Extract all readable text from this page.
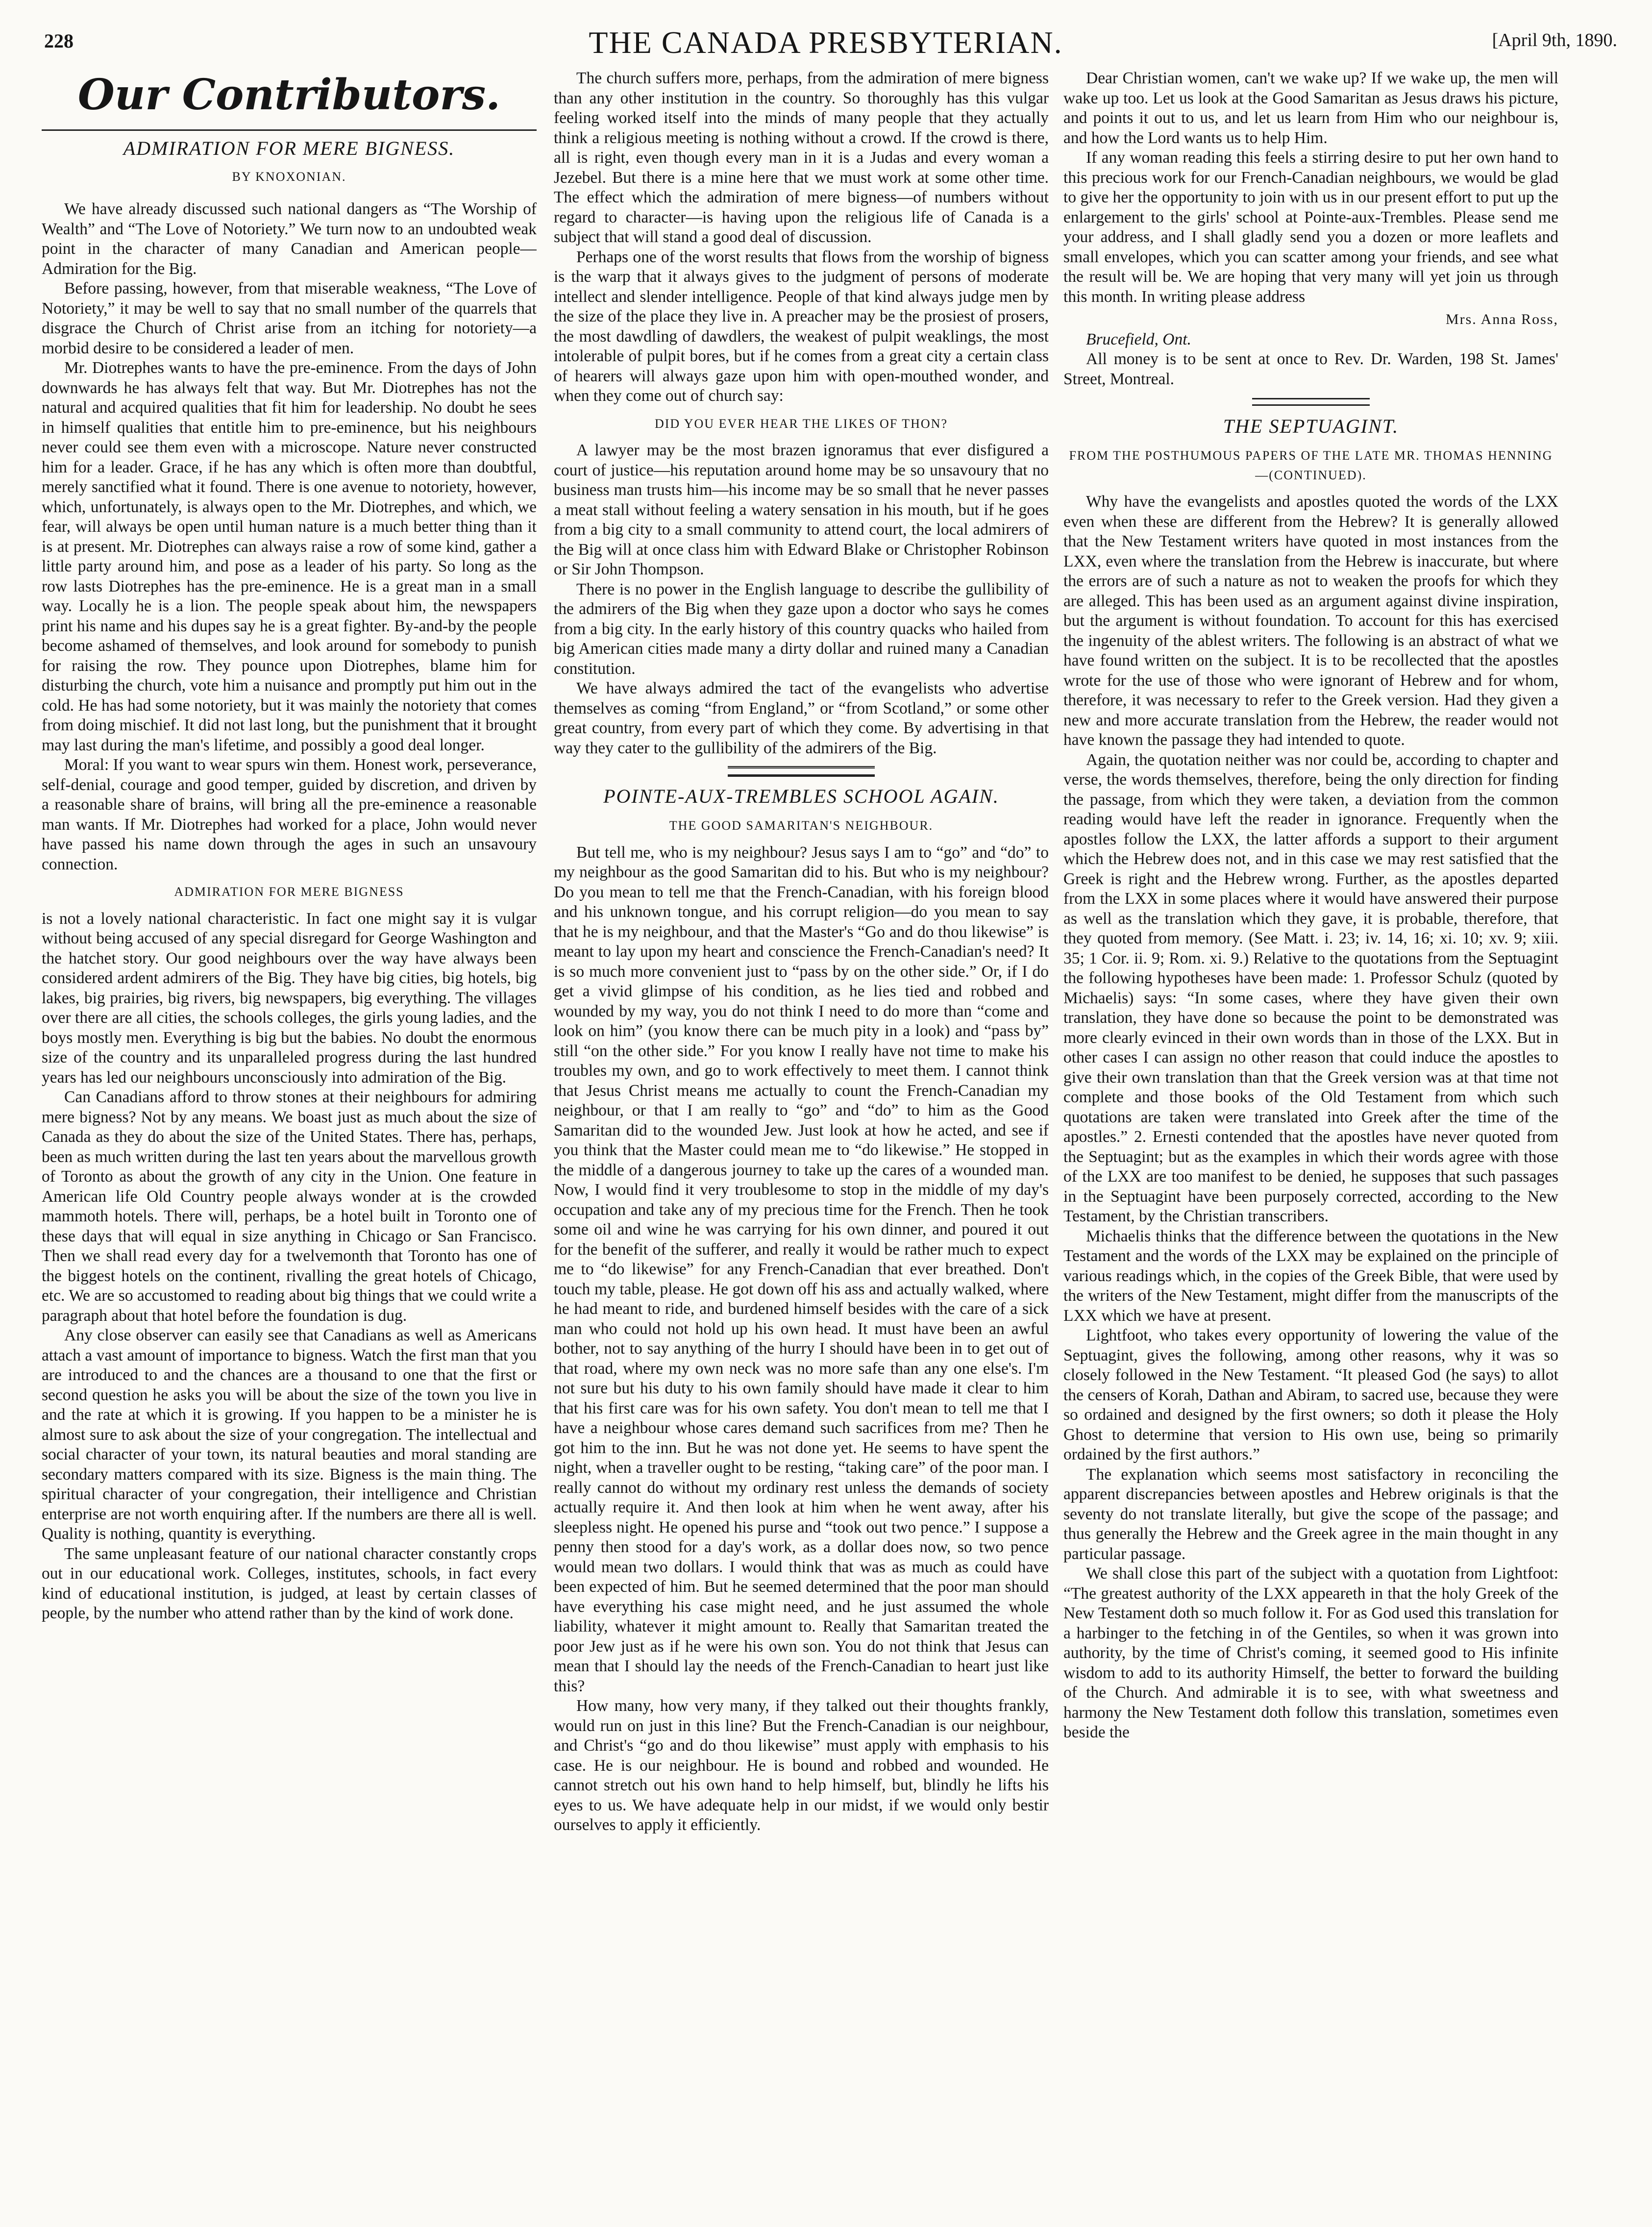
228	THE CANADA PRESBYTERIAN.	[April 9th, 1890.
Our Contributors.
ADMIRATION FOR MERE BIGNESS.
BY KNOXONIAN.

We have already discussed such national dangers as “The Worship of Wealth” and “The Love of Notoriety.” We turn now to an undoubted weak point in the character of many Canadian and American people—Admiration for the Big.

Before passing, however, from that miserable weakness, “The Love of Notoriety,” it may be well to say that no small number of the quarrels that disgrace the Church of Christ arise from an itching for notoriety—a morbid desire to be considered a leader of men.

Mr. Diotrephes wants to have the pre-eminence. From the days of John downwards he has always felt that way. But Mr. Diotrephes has not the natural and acquired qualities that fit him for leadership. No doubt he sees in himself qualities that entitle him to pre-eminence, but his neighbours never could see them even with a microscope. Nature never constructed him for a leader. Grace, if he has any which is often more than doubtful, merely sanctified what it found. There is one avenue to notoriety, however, which, unfortunately, is always open to the Mr. Diotrephes, and which, we fear, will always be open until human nature is a much better thing than it is at present. Mr. Diotrephes can always raise a row of some kind, gather a little party around him, and pose as a leader of his party. So long as the row lasts Diotrephes has the pre-eminence. He is a great man in a small way. Locally he is a lion. The people speak about him, the newspapers print his name and his dupes say he is a great fighter. By-and-by the people become ashamed of themselves, and look around for somebody to punish for raising the row. They pounce upon Diotrephes, blame him for disturbing the church, vote him a nuisance and promptly put him out in the cold. He has had some notoriety, but it was mainly the notoriety that comes from doing mischief. It did not last long, but the punishment that it brought may last during the man's lifetime, and possibly a good deal longer.

Moral: If you want to wear spurs win them. Honest work, perseverance, self-denial, courage and good temper, guided by discretion, and driven by a reasonable share of brains, will bring all the pre-eminence a reasonable man wants. If Mr. Diotrephes had worked for a place, John would never have passed his name down through the ages in such an unsavoury connection.

ADMIRATION FOR MERE BIGNESS

is not a lovely national characteristic. In fact one might say it is vulgar without being accused of any special disregard for George Washington and the hatchet story. Our good neighbours over the way have always been considered ardent admirers of the Big. They have big cities, big hotels, big lakes, big prairies, big rivers, big newspapers, big everything. The villages over there are all cities, the schools colleges, the girls young ladies, and the boys mostly men. Everything is big but the babies. No doubt the enormous size of the country and its unparalleled progress during the last hundred years has led our neighbours unconsciously into admiration of the Big.

Can Canadians afford to throw stones at their neighbours for admiring mere bigness? Not by any means. We boast just as much about the size of Canada as they do about the size of the United States. There has, perhaps, been as much written during the last ten years about the marvellous growth of Toronto as about the growth of any city in the Union. One feature in American life Old Country people always wonder at is the crowded mammoth hotels. There will, perhaps, be a hotel built in Toronto one of these days that will equal in size anything in Chicago or San Francisco. Then we shall read every day for a twelvemonth that Toronto has one of the biggest hotels on the continent, rivalling the great hotels of Chicago, etc. We are so accustomed to reading about big things that we could write a paragraph about that hotel before the foundation is dug.

Any close observer can easily see that Canadians as well as Americans attach a vast amount of importance to bigness. Watch the first man that you are introduced to and the chances are a thousand to one that the first or second question he asks you will be about the size of the town you live in and the rate at which it is growing. If you happen to be a minister he is almost sure to ask about the size of your congregation. The intellectual and social character of your town, its natural beauties and moral standing are secondary matters compared with its size. Bigness is the main thing. The spiritual character of your congregation, their intelligence and Christian enterprise are not worth enquiring after. If the numbers are there all is well. Quality is nothing, quantity is everything.

The same unpleasant feature of our national character constantly crops out in our educational work. Colleges, institutes, schools, in fact every kind of educational institution, is judged, at least by certain classes of people, by the number who attend rather than by the kind of work done.

The church suffers more, perhaps, from the admiration of mere bigness than any other institution in the country. So thoroughly has this vulgar feeling worked itself into the minds of many people that they actually think a religious meeting is nothing without a crowd. If the crowd is there, all is right, even though every man in it is a Judas and every woman a Jezebel. But there is a mine here that we must work at some other time. The effect which the admiration of mere bigness—of numbers without regard to character—is having upon the religious life of Canada is a subject that will stand a good deal of discussion.

Perhaps one of the worst results that flows from the worship of bigness is the warp that it always gives to the judgment of persons of moderate intellect and slender intelligence. People of that kind always judge men by the size of the place they live in. A preacher may be the prosiest of prosers, the most dawdling of dawdlers, the weakest of pulpit weaklings, the most intolerable of pulpit bores, but if he comes from a great city a certain class of hearers will always gaze upon him with open-mouthed wonder, and when they come out of church say:

DID YOU EVER HEAR THE LIKES OF THON?

A lawyer may be the most brazen ignoramus that ever disfigured a court of justice—his reputation around home may be so unsavoury that no business man trusts him—his income may be so small that he never passes a meat stall without feeling a watery sensation in his mouth, but if he goes from a big city to a small community to attend court, the local admirers of the Big will at once class him with Edward Blake or Christopher Robinson or Sir John Thompson.

There is no power in the English language to describe the gullibility of the admirers of the Big when they gaze upon a doctor who says he comes from a big city. In the early history of this country quacks who hailed from big American cities made many a dirty dollar and ruined many a Canadian constitution.

We have always admired the tact of the evangelists who advertise themselves as coming “from England,” or “from Scotland,” or some other great country, from every part of which they come. By advertising in that way they cater to the gullibility of the admirers of the Big.

POINTE-AUX-TREMBLES SCHOOL AGAIN.
THE GOOD SAMARITAN'S NEIGHBOUR.

But tell me, who is my neighbour? Jesus says I am to “go” and “do” to my neighbour as the good Samaritan did to his. But who is my neighbour? Do you mean to tell me that the French-Canadian, with his foreign blood and his unknown tongue, and his corrupt religion—do you mean to say that he is my neighbour, and that the Master's “Go and do thou likewise” is meant to lay upon my heart and conscience the French-Canadian's need? It is so much more convenient just to “pass by on the other side.” Or, if I do get a vivid glimpse of his condition, as he lies tied and robbed and wounded by my way, you do not think I need to do more than “come and look on him” (you know there can be much pity in a look) and “pass by” still “on the other side.” For you know I really have not time to make his troubles my own, and go to work effectively to meet them. I cannot think that Jesus Christ means me actually to count the French-Canadian my neighbour, or that I am really to “go” and “do” to him as the Good Samaritan did to the wounded Jew. Just look at how he acted, and see if you think that the Master could mean me to “do likewise.” He stopped in the middle of a dangerous journey to take up the cares of a wounded man. Now, I would find it very troublesome to stop in the middle of my day's occupation and take any of my precious time for the French. Then he took some oil and wine he was carrying for his own dinner, and poured it out for the benefit of the sufferer, and really it would be rather much to expect me to “do likewise” for any French-Canadian that ever breathed. Don't touch my table, please. He got down off his ass and actually walked, where he had meant to ride, and burdened himself besides with the care of a sick man who could not hold up his own head. It must have been an awful bother, not to say anything of the hurry I should have been in to get out of that road, where my own neck was no more safe than any one else's. I'm not sure but his duty to his own family should have made it clear to him that his first care was for his own safety. You don't mean to tell me that I have a neighbour whose cares demand such sacrifices from me? Then he got him to the inn. But he was not done yet. He seems to have spent the night, when a traveller ought to be resting, “taking care” of the poor man. I really cannot do without my ordinary rest unless the demands of society actually require it. And then look at him when he went away, after his sleepless night. He opened his purse and “took out two pence.” I suppose a penny then stood for a day's work, as a dollar does now, so two pence would mean two dollars. I would think that was as much as could have been expected of him. But he seemed determined that the poor man should have everything his case might need, and he just assumed the whole liability, whatever it might amount to. Really that Samaritan treated the poor Jew just as if he were his own son. You do not think that Jesus can mean that I should lay the needs of the French-Canadian to heart just like this?

How many, how very many, if they talked out their thoughts frankly, would run on just in this line? But the French-Canadian is our neighbour, and Christ's “go and do thou likewise” must apply with emphasis to his case. He is our neighbour. He is bound and robbed and wounded. He cannot stretch out his own hand to help himself, but, blindly he lifts his eyes to us. We have adequate help in our midst, if we would only bestir ourselves to apply it efficiently.

Dear Christian women, can't we wake up? If we wake up, the men will wake up too. Let us look at the Good Samaritan as Jesus draws his picture, and points it out to us, and let us learn from Him who our neighbour is, and how the Lord wants us to help Him.

If any woman reading this feels a stirring desire to put her own hand to this precious work for our French-Canadian neighbours, we would be glad to give her the opportunity to join with us in our present effort to put up the enlargement to the girls' school at Pointe-aux-Trembles. Please send me your address, and I shall gladly send you a dozen or more leaflets and small envelopes, which you can scatter among your friends, and see what the result will be. We are hoping that very many will yet join us through this month. In writing please address

Mrs. Anna Ross,
Brucefield, Ont.

All money is to be sent at once to Rev. Dr. Warden, 198 St. James' Street, Montreal.

THE SEPTUAGINT.
FROM THE POSTHUMOUS PAPERS OF THE LATE MR. THOMAS HENNING—(CONTINUED).

Why have the evangelists and apostles quoted the words of the LXX even when these are different from the Hebrew? It is generally allowed that the New Testament writers have quoted in most instances from the LXX, even where the translation from the Hebrew is inaccurate, but where the errors are of such a nature as not to weaken the proofs for which they are alleged. This has been used as an argument against divine inspiration, but the argument is without foundation. To account for this has exercised the ingenuity of the ablest writers. The following is an abstract of what we have found written on the subject. It is to be recollected that the apostles wrote for the use of those who were ignorant of Hebrew and for whom, therefore, it was necessary to refer to the Greek version. Had they given a new and more accurate translation from the Hebrew, the reader would not have known the passage they had intended to quote.

Again, the quotation neither was nor could be, according to chapter and verse, the words themselves, therefore, being the only direction for finding the passage, from which they were taken, a deviation from the common reading would have left the reader in ignorance. Frequently when the apostles follow the LXX, the latter affords a support to their argument which the Hebrew does not, and in this case we may rest satisfied that the Greek is right and the Hebrew wrong. Further, as the apostles departed from the LXX in some places where it would have answered their purpose as well as the translation which they gave, it is probable, therefore, that they quoted from memory. (See Matt. i. 23; iv. 14, 16; xi. 10; xv. 9; xiii. 35; 1 Cor. ii. 9; Rom. xi. 9.) Relative to the quotations from the Septuagint the following hypotheses have been made: 1. Professor Schulz (quoted by Michaelis) says: “In some cases, where they have given their own translation, they have done so because the point to be demonstrated was more clearly evinced in their own words than in those of the LXX. But in other cases I can assign no other reason that could induce the apostles to give their own translation than that the Greek version was at that time not complete and those books of the Old Testament from which such quotations are taken were translated into Greek after the time of the apostles.” 2. Ernesti contended that the apostles have never quoted from the Septuagint; but as the examples in which their words agree with those of the LXX are too manifest to be denied, he supposes that such passages in the Septuagint have been purposely corrected, according to the New Testament, by the Christian transcribers.

Michaelis thinks that the difference between the quotations in the New Testament and the words of the LXX may be explained on the principle of various readings which, in the copies of the Greek Bible, that were used by the writers of the New Testament, might differ from the manuscripts of the LXX which we have at present.

Lightfoot, who takes every opportunity of lowering the value of the Septuagint, gives the following, among other reasons, why it was so closely followed in the New Testament. “It pleased God (he says) to allot the censers of Korah, Dathan and Abiram, to sacred use, because they were so ordained and designed by the first owners; so doth it please the Holy Ghost to determine that version to His own use, being so primarily ordained by the first authors.”

The explanation which seems most satisfactory in reconciling the apparent discrepancies between apostles and Hebrew originals is that the seventy do not translate literally, but give the scope of the passage; and thus generally the Hebrew and the Greek agree in the main thought in any particular passage.

We shall close this part of the subject with a quotation from Lightfoot: “The greatest authority of the LXX appeareth in that the holy Greek of the New Testament doth so much follow it. For as God used this translation for a harbinger to the fetching in of the Gentiles, so when it was grown into authority, by the time of Christ's coming, it seemed good to His infinite wisdom to add to its authority Himself, the better to forward the building of the Church. And admirable it is to see, with what sweetness and harmony the New Testament doth follow this translation, sometimes even beside the
